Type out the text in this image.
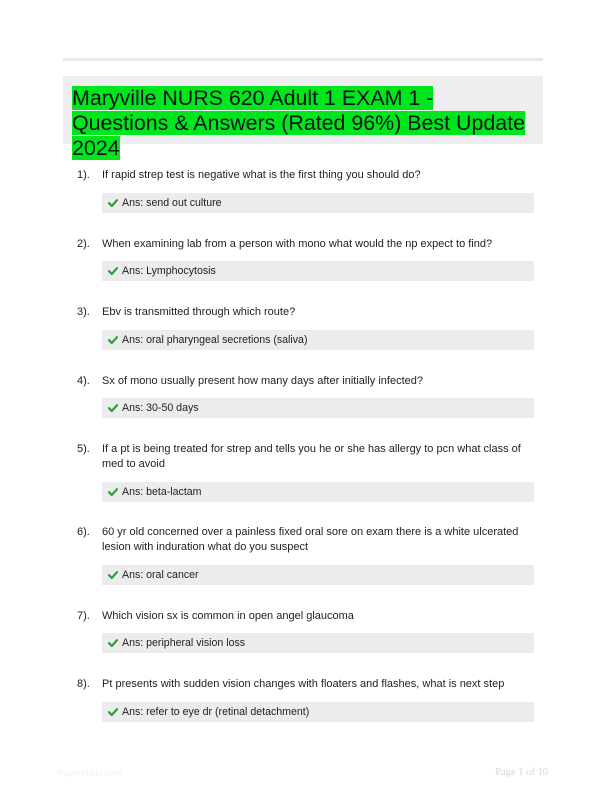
Maryville NURS 620 Adult 1 EXAM 1 - Questions & Answers (Rated 96%) Best Update 2024
1). If rapid strep test is negative what is the first thing you should do?
Ans: send out culture
2). When examining lab from a person with mono what would the np expect to find?
Ans: Lymphocytosis
3). Ebv is transmitted through which route?
Ans: oral pharyngeal secretions (saliva)
4). Sx of mono usually present how many days after initially infected?
Ans: 30-50 days
5). If a pt is being treated for strep and tells you he or she has allergy to pcn what class of med to avoid
Ans: beta-lactam
6). 60 yr old concerned over a painless fixed oral sore on exam there is a white ulcerated lesion with induration what do you suspect
Ans: oral cancer
7). Which vision sx is common in open angel glaucoma
Ans: peripheral vision loss
8). Pt presents with sudden vision changes with floaters and flashes, what is next step
Ans: refer to eye dr (retinal detachment)
PaperNibbi.com	Page 1 of 10
